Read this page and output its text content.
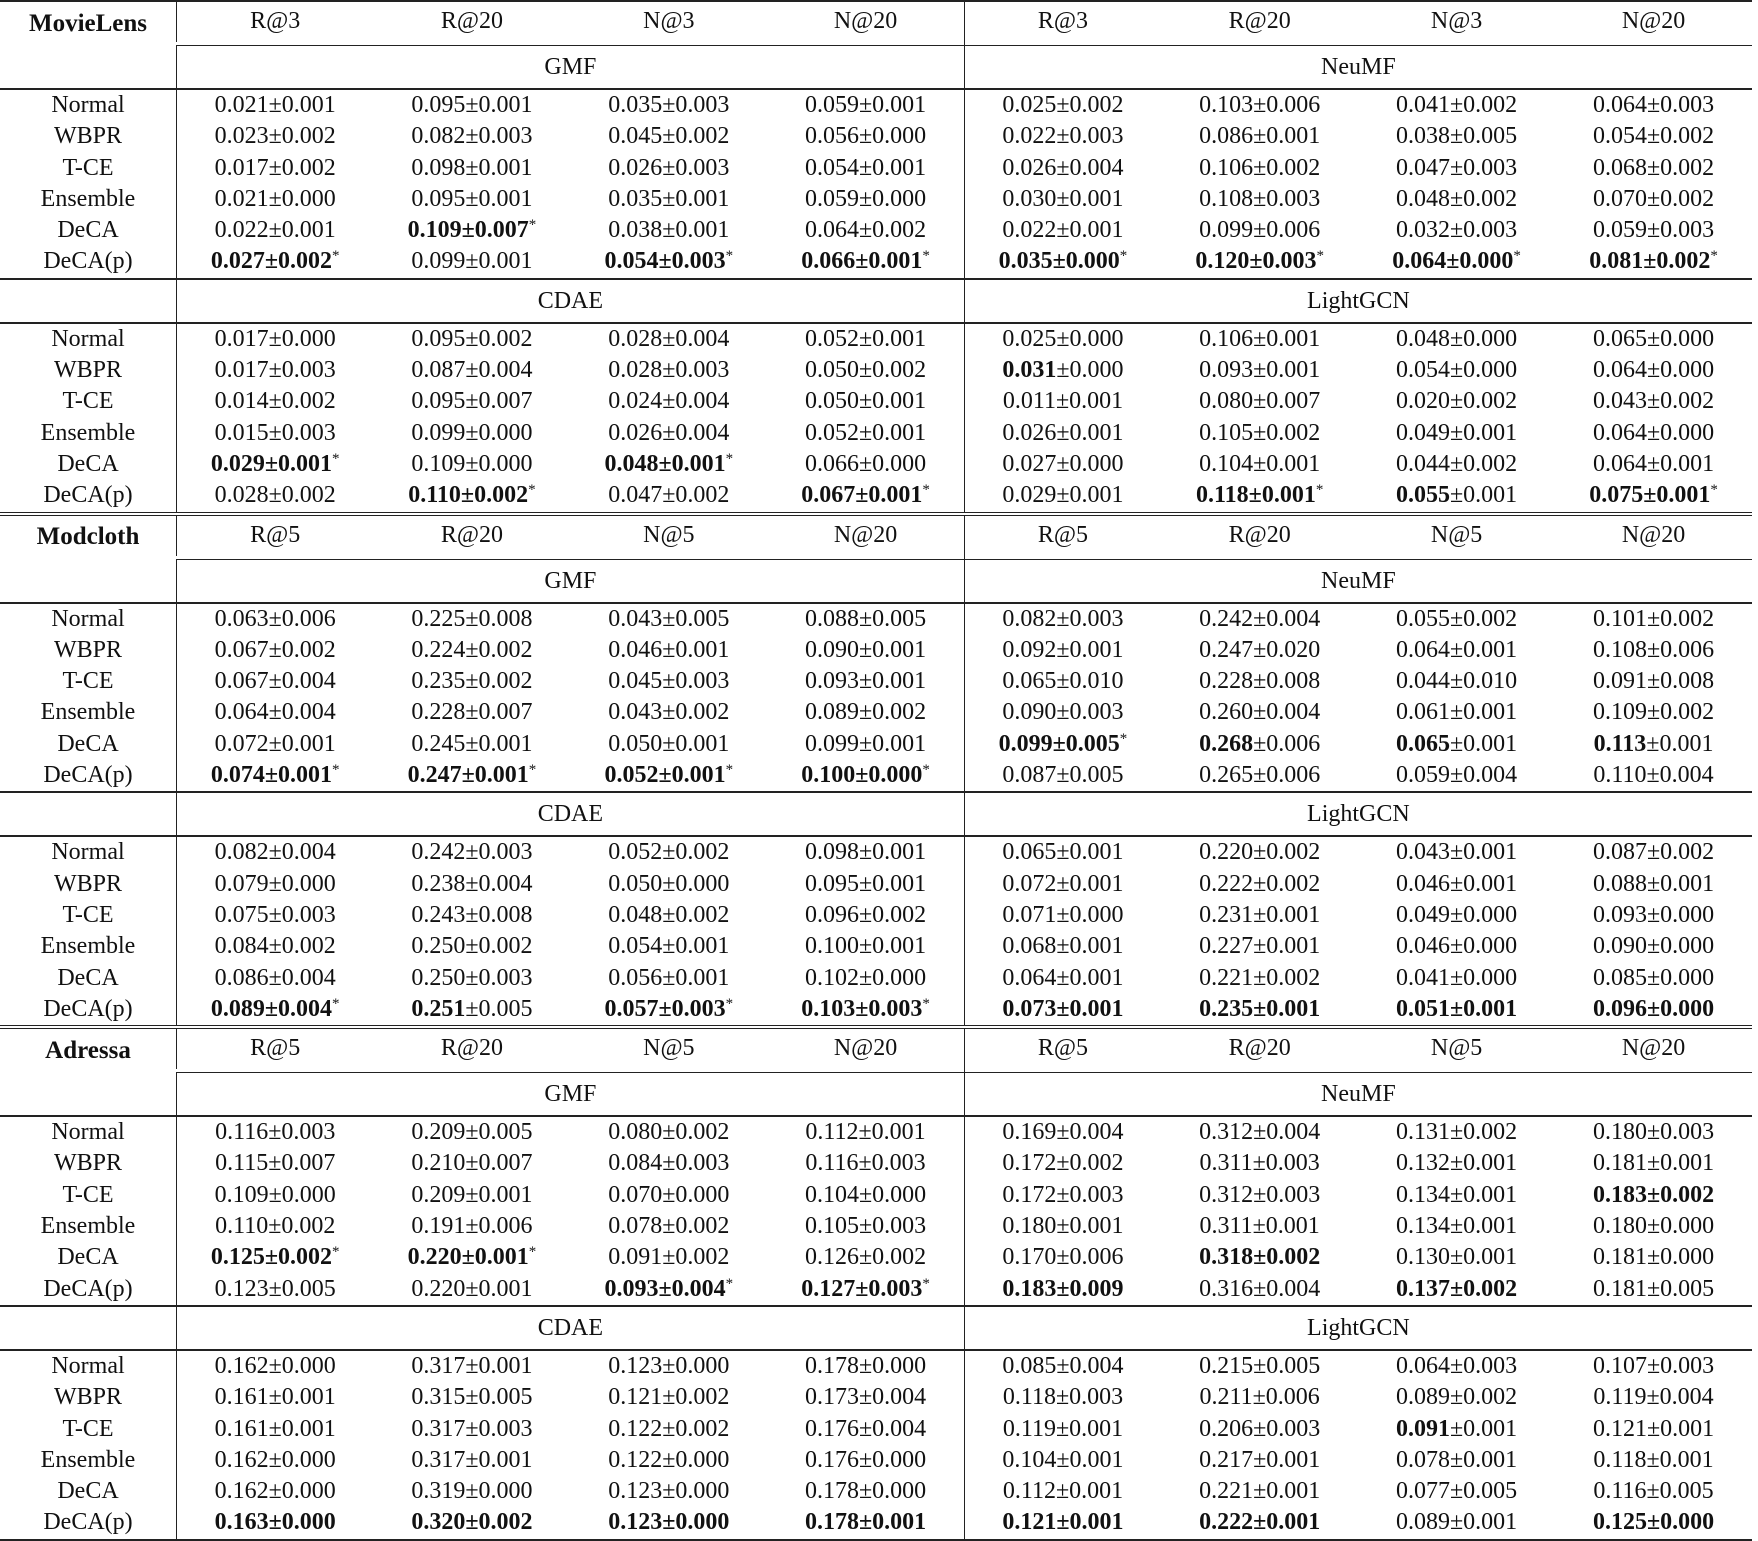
MovieLens	R@3	R@20	N@3	N@20	R@3	R@20	N@3	N@20

	GMF				NeuMF			
Normal	0.021±0.001	0.095±0.001	0.035±0.003	0.059±0.001	0.025±0.002	0.103±0.006	0.041±0.002	0.064±0.003
WBPR	0.023±0.002	0.082±0.003	0.045±0.002	0.056±0.000	0.022±0.003	0.086±0.001	0.038±0.005	0.054±0.002
T-CE	0.017±0.002	0.098±0.001	0.026±0.003	0.054±0.001	0.026±0.004	0.106±0.002	0.047±0.003	0.068±0.002
Ensemble	0.021±0.000	0.095±0.001	0.035±0.001	0.059±0.000	0.030±0.001	0.108±0.003	0.048±0.002	0.070±0.002
DeCA	0.022±0.001	0.109±0.007*	0.038±0.001	0.064±0.002	0.022±0.001	0.099±0.006	0.032±0.003	0.059±0.003
DeCA(p)	0.027±0.002*	0.099±0.001	0.054±0.003*	0.066±0.001*	0.035±0.000*	0.120±0.003*	0.064±0.000*	0.081±0.002*
	CDAE				LightGCN			
Normal	0.017±0.000	0.095±0.002	0.028±0.004	0.052±0.001	0.025±0.000	0.106±0.001	0.048±0.000	0.065±0.000
WBPR	0.017±0.003	0.087±0.004	0.028±0.003	0.050±0.002	0.031±0.000	0.093±0.001	0.054±0.000	0.064±0.000
T-CE	0.014±0.002	0.095±0.007	0.024±0.004	0.050±0.001	0.011±0.001	0.080±0.007	0.020±0.002	0.043±0.002
Ensemble	0.015±0.003	0.099±0.000	0.026±0.004	0.052±0.001	0.026±0.001	0.105±0.002	0.049±0.001	0.064±0.000
DeCA	0.029±0.001*	0.109±0.000	0.048±0.001*	0.066±0.000	0.027±0.000	0.104±0.001	0.044±0.002	0.064±0.001
DeCA(p)	0.028±0.002	0.110±0.002*	0.047±0.002	0.067±0.001*	0.029±0.001	0.118±0.001*	0.055±0.001	0.075±0.001*
Modcloth	R@5	R@20	N@5	N@20	R@5	R@20	N@5	N@20

	GMF				NeuMF			
Normal	0.063±0.006	0.225±0.008	0.043±0.005	0.088±0.005	0.082±0.003	0.242±0.004	0.055±0.002	0.101±0.002
WBPR	0.067±0.002	0.224±0.002	0.046±0.001	0.090±0.001	0.092±0.001	0.247±0.020	0.064±0.001	0.108±0.006
T-CE	0.067±0.004	0.235±0.002	0.045±0.003	0.093±0.001	0.065±0.010	0.228±0.008	0.044±0.010	0.091±0.008
Ensemble	0.064±0.004	0.228±0.007	0.043±0.002	0.089±0.002	0.090±0.003	0.260±0.004	0.061±0.001	0.109±0.002
DeCA	0.072±0.001	0.245±0.001	0.050±0.001	0.099±0.001	0.099±0.005*	0.268±0.006	0.065±0.001	0.113±0.001
DeCA(p)	0.074±0.001*	0.247±0.001*	0.052±0.001*	0.100±0.000*	0.087±0.005	0.265±0.006	0.059±0.004	0.110±0.004
	CDAE				LightGCN			
Normal	0.082±0.004	0.242±0.003	0.052±0.002	0.098±0.001	0.065±0.001	0.220±0.002	0.043±0.001	0.087±0.002
WBPR	0.079±0.000	0.238±0.004	0.050±0.000	0.095±0.001	0.072±0.001	0.222±0.002	0.046±0.001	0.088±0.001
T-CE	0.075±0.003	0.243±0.008	0.048±0.002	0.096±0.002	0.071±0.000	0.231±0.001	0.049±0.000	0.093±0.000
Ensemble	0.084±0.002	0.250±0.002	0.054±0.001	0.100±0.001	0.068±0.001	0.227±0.001	0.046±0.000	0.090±0.000
DeCA	0.086±0.004	0.250±0.003	0.056±0.001	0.102±0.000	0.064±0.001	0.221±0.002	0.041±0.000	0.085±0.000
DeCA(p)	0.089±0.004*	0.251±0.005	0.057±0.003*	0.103±0.003*	0.073±0.001	0.235±0.001	0.051±0.001	0.096±0.000
Adressa	R@5	R@20	N@5	N@20	R@5	R@20	N@5	N@20

	GMF				NeuMF			
Normal	0.116±0.003	0.209±0.005	0.080±0.002	0.112±0.001	0.169±0.004	0.312±0.004	0.131±0.002	0.180±0.003
WBPR	0.115±0.007	0.210±0.007	0.084±0.003	0.116±0.003	0.172±0.002	0.311±0.003	0.132±0.001	0.181±0.001
T-CE	0.109±0.000	0.209±0.001	0.070±0.000	0.104±0.000	0.172±0.003	0.312±0.003	0.134±0.001	0.183±0.002
Ensemble	0.110±0.002	0.191±0.006	0.078±0.002	0.105±0.003	0.180±0.001	0.311±0.001	0.134±0.001	0.180±0.000
DeCA	0.125±0.002*	0.220±0.001*	0.091±0.002	0.126±0.002	0.170±0.006	0.318±0.002	0.130±0.001	0.181±0.000
DeCA(p)	0.123±0.005	0.220±0.001	0.093±0.004*	0.127±0.003*	0.183±0.009	0.316±0.004	0.137±0.002	0.181±0.005
	CDAE				LightGCN			
Normal	0.162±0.000	0.317±0.001	0.123±0.000	0.178±0.000	0.085±0.004	0.215±0.005	0.064±0.003	0.107±0.003
WBPR	0.161±0.001	0.315±0.005	0.121±0.002	0.173±0.004	0.118±0.003	0.211±0.006	0.089±0.002	0.119±0.004
T-CE	0.161±0.001	0.317±0.003	0.122±0.002	0.176±0.004	0.119±0.001	0.206±0.003	0.091±0.001	0.121±0.001
Ensemble	0.162±0.000	0.317±0.001	0.122±0.000	0.176±0.000	0.104±0.001	0.217±0.001	0.078±0.001	0.118±0.001
DeCA	0.162±0.000	0.319±0.000	0.123±0.000	0.178±0.000	0.112±0.001	0.221±0.001	0.077±0.005	0.116±0.005
DeCA(p)	0.163±0.000	0.320±0.002	0.123±0.000	0.178±0.001	0.121±0.001	0.222±0.001	0.089±0.001	0.125±0.000
